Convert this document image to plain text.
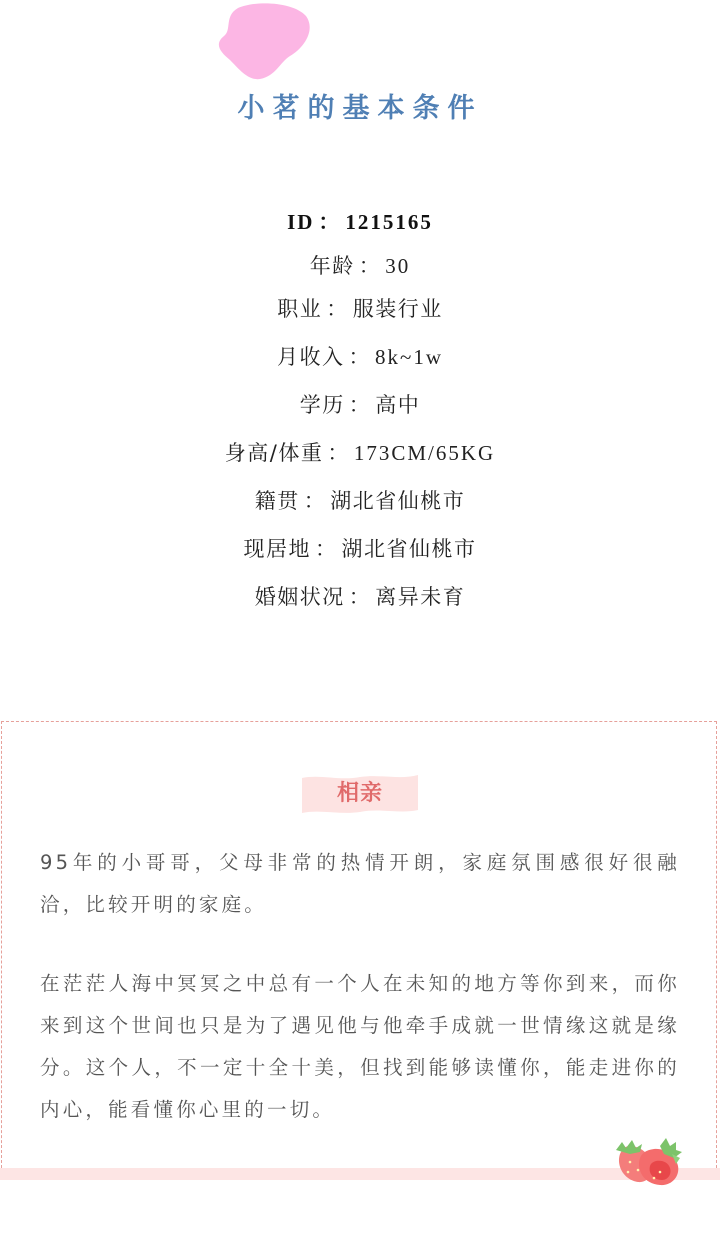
小茗的基本条件
ID ： 1215165
年龄 ： 30
职业 ： 服装行业
月收入 ： 8k~1w
学历 ： 高中
身高/体重 ： 173CM/65KG
籍贯 ： 湖北省仙桃市
现居地 ： 湖北省仙桃市
婚姻状况 ： 离异未育
相亲
95年的小哥哥，父母非常的热情开朗，家庭氛围感很好很融洽，比较开明的家庭。
在茫茫人海中冥冥之中总有一个人在未知的地方等你到来，而你来到这个世间也只是为了遇见他与他牵手成就一世情缘这就是缘分。这个人，不一定十全十美，但找到能够读懂你，能走进你的内心，能看懂你心里的一切。
